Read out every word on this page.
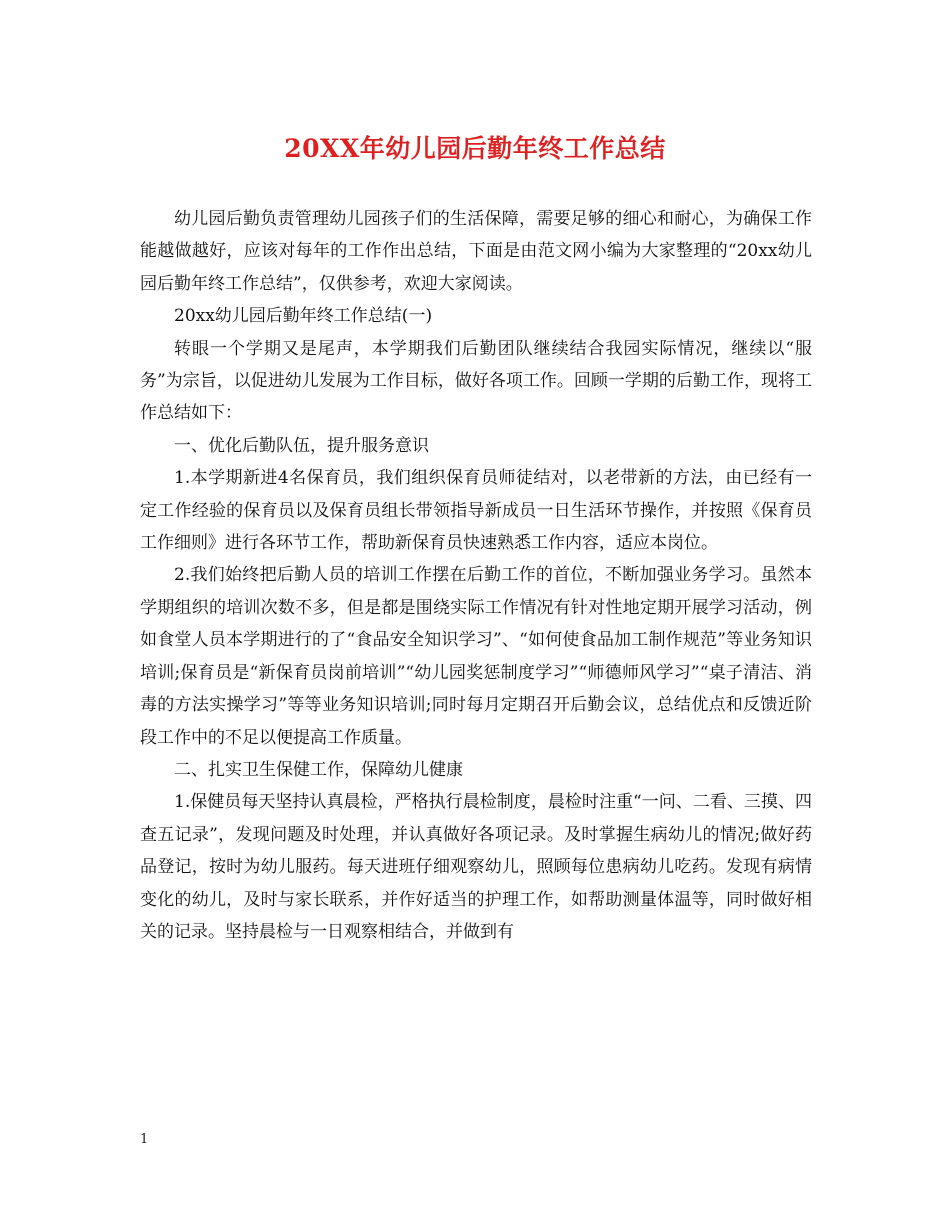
20XX年幼儿园后勤年终工作总结

幼儿园后勤负责管理幼儿园孩子们的生活保障，需要足够的细心和耐心，为确保工作能越做越好，应该对每年的工作作出总结，下面是由范文网小编为大家整理的“20xx幼儿园后勤年终工作总结”，仅供参考，欢迎大家阅读。

20xx幼儿园后勤年终工作总结(一)

转眼一个学期又是尾声，本学期我们后勤团队继续结合我园实际情况，继续以“服务”为宗旨，以促进幼儿发展为工作目标，做好各项工作。回顾一学期的后勤工作，现将工作总结如下：

一、优化后勤队伍，提升服务意识

1.本学期新进4名保育员，我们组织保育员师徒结对，以老带新的方法，由已经有一定工作经验的保育员以及保育员组长带领指导新成员一日生活环节操作，并按照《保育员工作细则》进行各环节工作，帮助新保育员快速熟悉工作内容，适应本岗位。

2.我们始终把后勤人员的培训工作摆在后勤工作的首位，不断加强业务学习。虽然本学期组织的培训次数不多，但是都是围绕实际工作情况有针对性地定期开展学习活动，例如食堂人员本学期进行的了“食品安全知识学习”、“如何使食品加工制作规范”等业务知识培训;保育员是“新保育员岗前培训”“幼儿园奖惩制度学习”“师德师风学习”“桌子清洁、消毒的方法实操学习”等等业务知识培训;同时每月定期召开后勤会议，总结优点和反馈近阶段工作中的不足以便提高工作质量。

二、扎实卫生保健工作，保障幼儿健康

1.保健员每天坚持认真晨检，严格执行晨检制度，晨检时注重“一问、二看、三摸、四查五记录”，发现问题及时处理，并认真做好各项记录。及时掌握生病幼儿的情况;做好药品登记，按时为幼儿服药。每天进班仔细观察幼儿，照顾每位患病幼儿吃药。发现有病情变化的幼儿，及时与家长联系，并作好适当的护理工作，如帮助测量体温等，同时做好相关的记录。坚持晨检与一日观察相结合，并做到有

1
